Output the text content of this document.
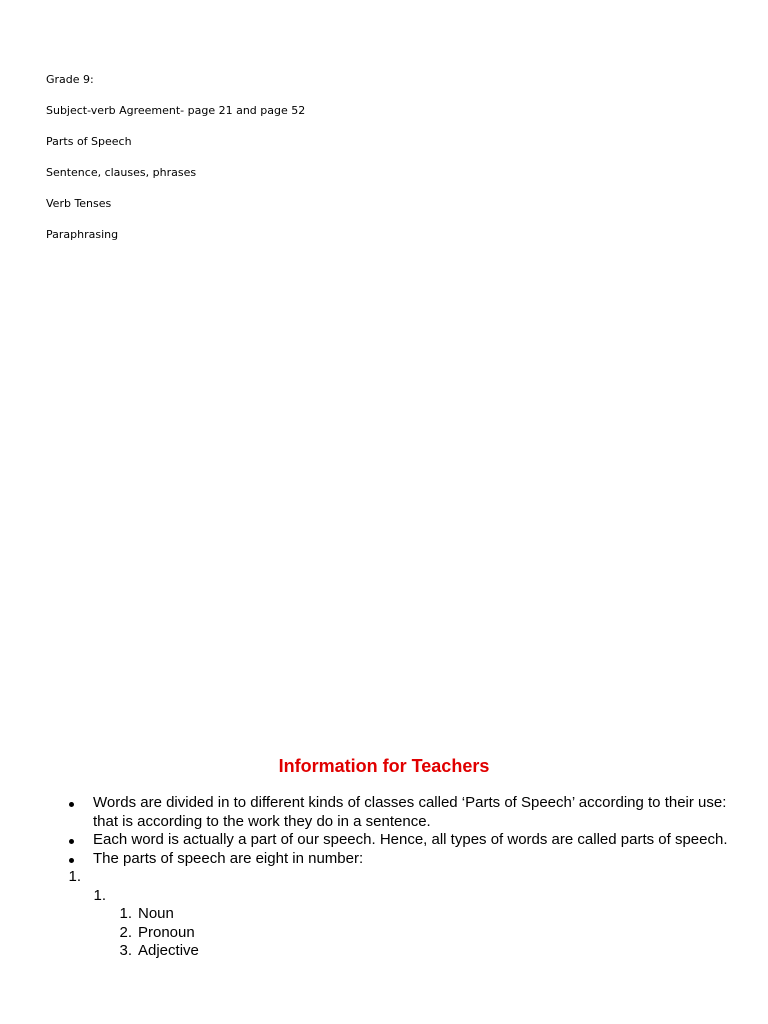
Grade 9:
Subject-verb Agreement- page 21 and page 52
Parts of Speech
Sentence, clauses, phrases
Verb Tenses
Paraphrasing
Information for Teachers
Words are divided in to different kinds of classes called ‘Parts of Speech’ according to their use: that is according to the work they do in a sentence.
Each word is actually a part of our speech. Hence, all types of words are called parts of speech.
The parts of speech are eight in number:
1.
1.
1. Noun
2. Pronoun
3. Adjective
